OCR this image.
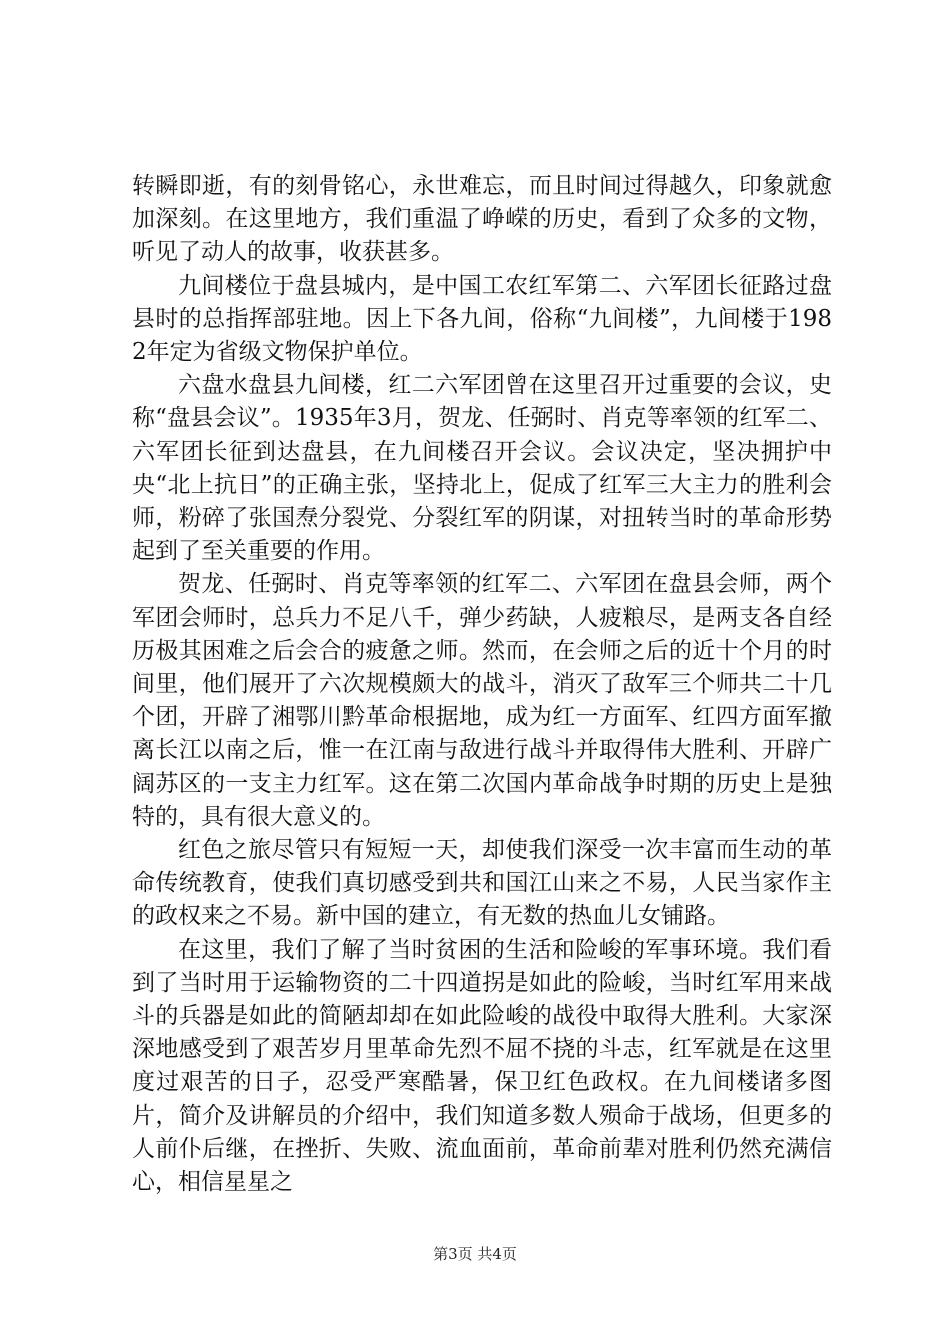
转瞬即逝，有的刻骨铭心，永世难忘，而且时间过得越久，印象就愈加深刻。在这里地方，我们重温了峥嵘的历史，看到了众多的文物，听见了动人的故事，收获甚多。

九间楼位于盘县城内，是中国工农红军第二、六军团长征路过盘县时的总指挥部驻地。因上下各九间，俗称“九间楼”，九间楼于1982年定为省级文物保护单位。

六盘水盘县九间楼，红二六军团曾在这里召开过重要的会议，史称“盘县会议”。1935年3月，贺龙、任弼时、肖克等率领的红军二、六军团长征到达盘县，在九间楼召开会议。会议决定，坚决拥护中央“北上抗日”的正确主张，坚持北上，促成了红军三大主力的胜利会师，粉碎了张国焘分裂党、分裂红军的阴谋，对扭转当时的革命形势起到了至关重要的作用。

贺龙、任弼时、肖克等率领的红军二、六军团在盘县会师，两个军团会师时，总兵力不足八千，弹少药缺，人疲粮尽，是两支各自经历极其困难之后会合的疲惫之师。然而，在会师之后的近十个月的时间里，他们展开了六次规模颇大的战斗，消灭了敌军三个师共二十几个团，开辟了湘鄂川黔革命根据地，成为红一方面军、红四方面军撤离长江以南之后，惟一在江南与敌进行战斗并取得伟大胜利、开辟广阔苏区的一支主力红军。这在第二次国内革命战争时期的历史上是独特的，具有很大意义的。

红色之旅尽管只有短短一天，却使我们深受一次丰富而生动的革命传统教育，使我们真切感受到共和国江山来之不易，人民当家作主的政权来之不易。新中国的建立，有无数的热血儿女铺路。

在这里，我们了解了当时贫困的生活和险峻的军事环境。我们看到了当时用于运输物资的二十四道拐是如此的险峻，当时红军用来战斗的兵器是如此的简陋却却在如此险峻的战役中取得大胜利。大家深深地感受到了艰苦岁月里革命先烈不屈不挠的斗志，红军就是在这里度过艰苦的日子，忍受严寒酷暑，保卫红色政权。在九间楼诸多图片，简介及讲解员的介绍中，我们知道多数人殒命于战场，但更多的人前仆后继，在挫折、失败、流血面前，革命前辈对胜利仍然充满信心，相信星星之

第3页 共4页
